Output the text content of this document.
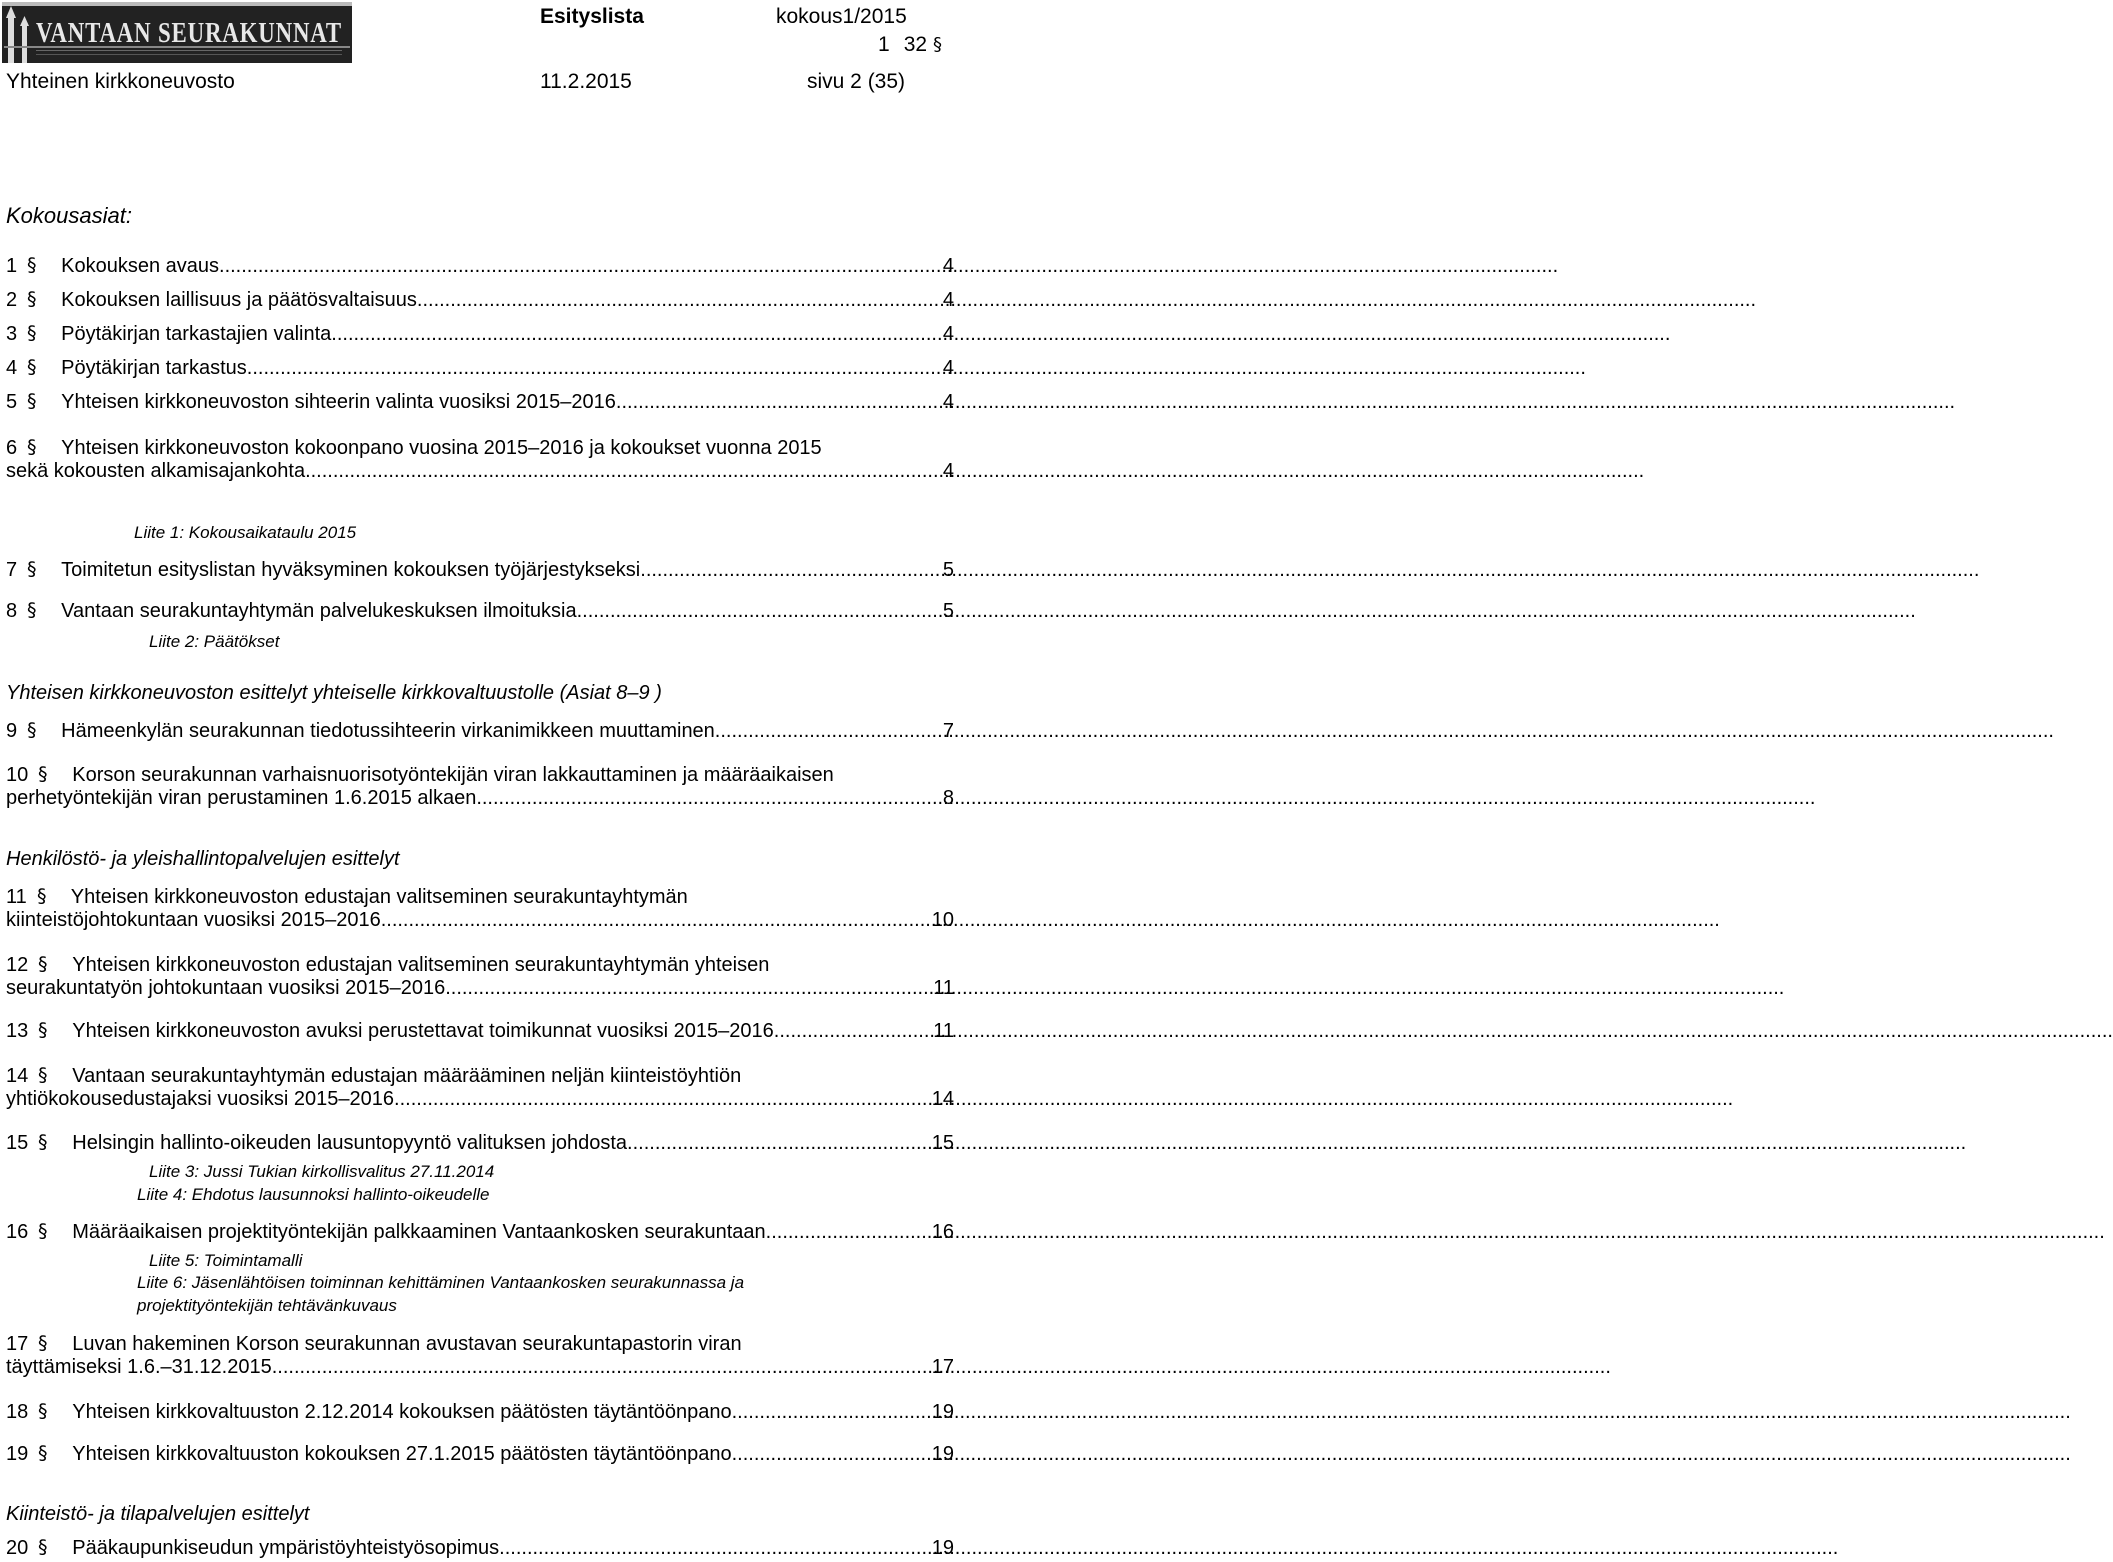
VANTAAN SEURAKUNNAT
Esityslista	kokous1/2015
1 32 §
Yhteinen kirkkoneuvosto	11.2.2015	sivu 2 (35)
Kokousasiat:
1 § Kokouksen avaus. .....	4
2 § Kokouksen laillisuus ja päätösvaltaisuus. .....	4
3 § Pöytäkirjan tarkastajien valinta. .....	4
4 § Pöytäkirjan tarkastus. .....	4
5 § Yhteisen kirkkoneuvoston sihteerin valinta vuosiksi 2015–2016. .....	4
6 § Yhteisen kirkkoneuvoston kokoonpano vuosina 2015–2016 ja kokoukset vuonna 2015
sekä kokousten alkamisajankohta. .....	4
Liite 1: Kokousaikataulu 2015
7 § Toimitetun esityslistan hyväksyminen kokouksen työjärjestykseksi. .....	5
8 § Vantaan seurakuntayhtymän palvelukeskuksen ilmoituksia. .....	5
Liite 2: Päätökset
Yhteisen kirkkoneuvoston esittelyt yhteiselle kirkkovaltuustolle (Asiat 8–9 )
9 § Hämeenkylän seurakunnan tiedotussihteerin virkanimikkeen muuttaminen. .....	7
10 § Korson seurakunnan varhaisnuorisotyöntekijän viran lakkauttaminen ja määräaikaisen
perhetyöntekijän viran perustaminen 1.6.2015 alkaen. .....	8
Henkilöstö- ja yleishallintopalvelujen esittelyt
11 § Yhteisen kirkkoneuvoston edustajan valitseminen seurakuntayhtymän
kiinteistöjohtokuntaan vuosiksi 2015–2016. .....	10
12 § Yhteisen kirkkoneuvoston edustajan valitseminen seurakuntayhtymän yhteisen
seurakuntatyön johtokuntaan vuosiksi 2015–2016. .....	11
13 § Yhteisen kirkkoneuvoston avuksi perustettavat toimikunnat vuosiksi 2015–2016. .....	11
14 § Vantaan seurakuntayhtymän edustajan määrääminen neljän kiinteistöyhtiön
yhtiökokousedustajaksi vuosiksi 2015–2016. .....	14
15 § Helsingin hallinto-oikeuden lausuntopyyntö valituksen johdosta. .....	15
Liite 3: Jussi Tukian kirkollisvalitus 27.11.2014
Liite 4: Ehdotus lausunnoksi hallinto-oikeudelle
16 § Määräaikaisen projektityöntekijän palkkaaminen Vantaankosken seurakuntaan. .....	16
Liite 5: Toimintamalli
Liite 6: Jäsenlähtöisen toiminnan kehittäminen Vantaankosken seurakunnassa ja
projektityöntekijän tehtävänkuvaus
17 § Luvan hakeminen Korson seurakunnan avustavan seurakuntapastorin viran
täyttämiseksi 1.6.–31.12.2015. .....	17
18 § Yhteisen kirkkovaltuuston 2.12.2014 kokouksen päätösten täytäntöönpano. .....	19
19 § Yhteisen kirkkovaltuuston kokouksen 27.1.2015 päätösten täytäntöönpano. .....	19
Kiinteistö- ja tilapalvelujen esittelyt
20 § Pääkaupunkiseudun ympäristöyhteistyösopimus. .....	19
